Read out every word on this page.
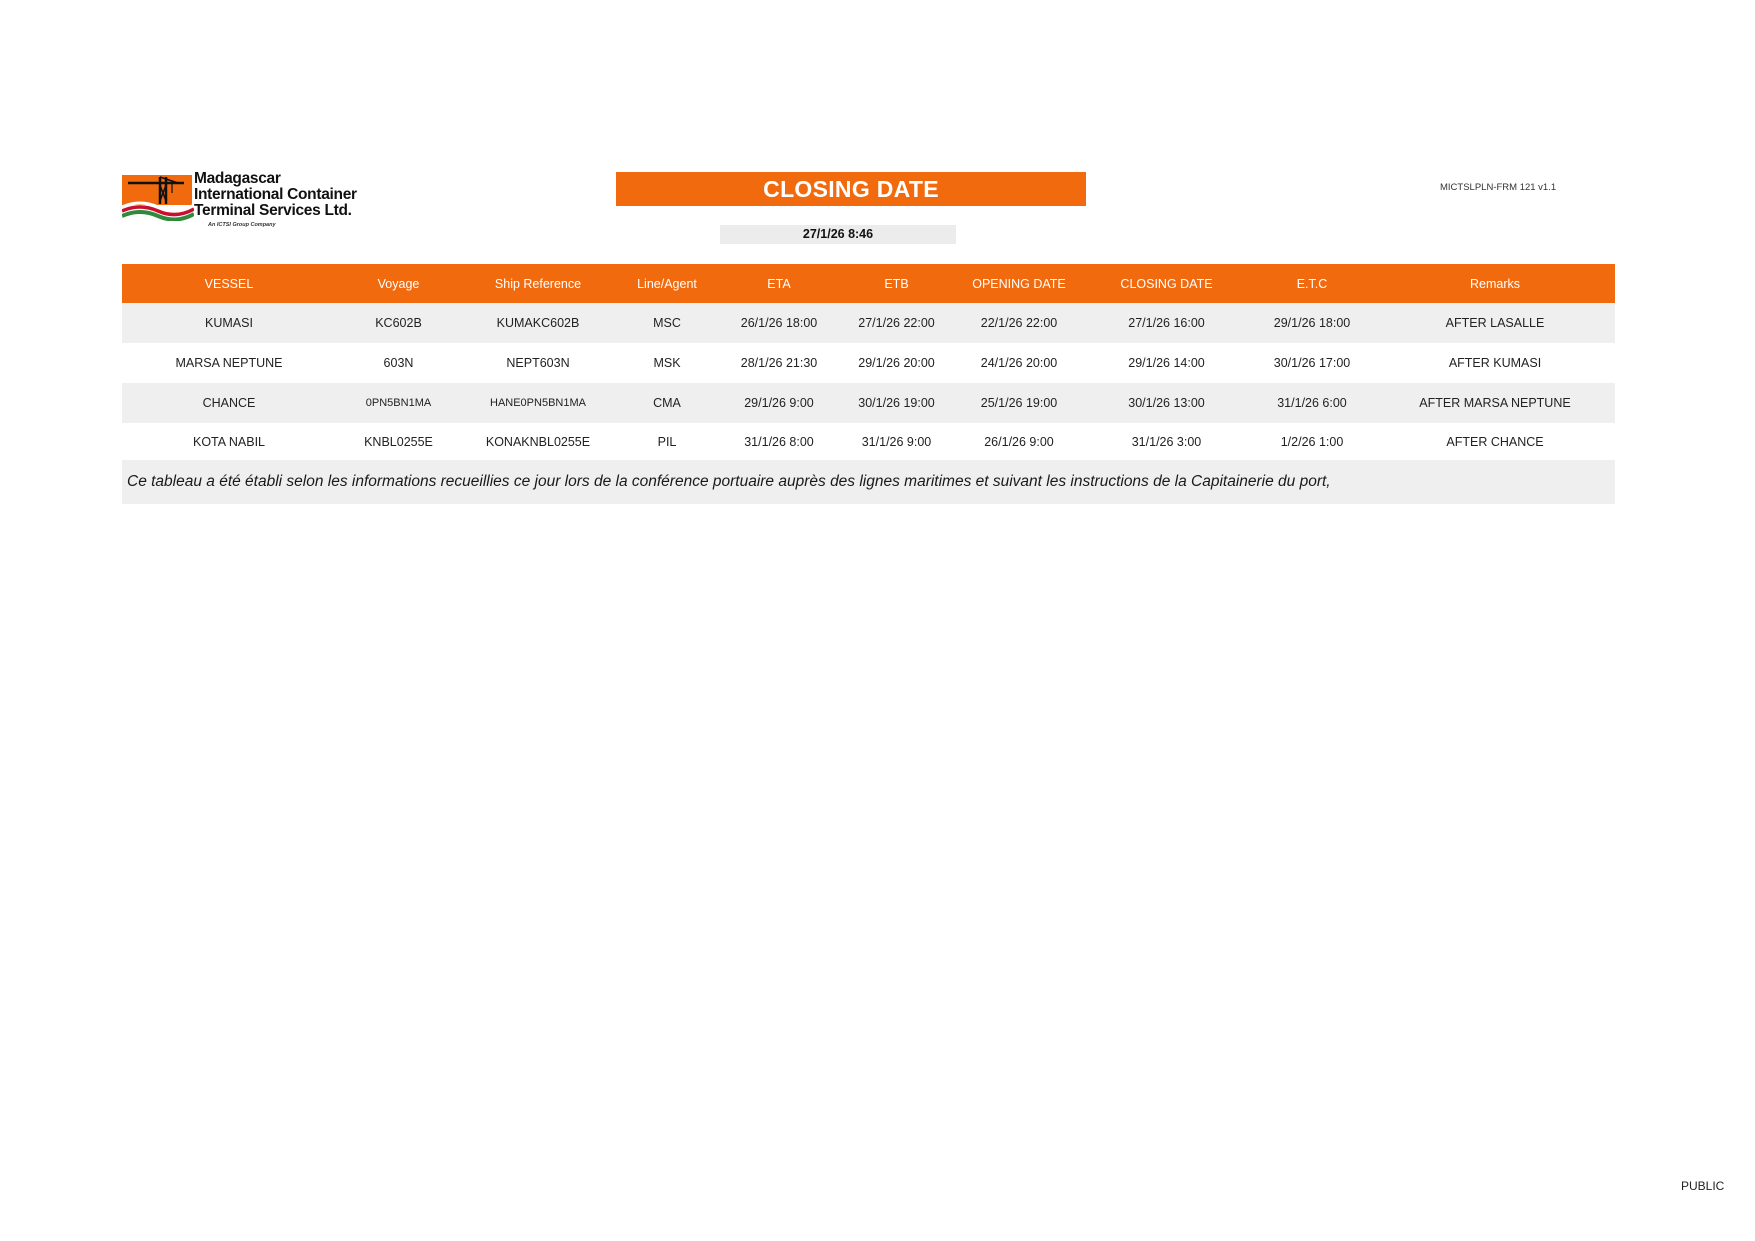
Madagascar
International Container
Terminal Services Ltd.
An ICTSI Group Company
CLOSING DATE	MICTSLPLN-FRM 121 v1.1
27/1/26 8:46
VESSEL	Voyage	Ship Reference	Line/Agent	ETA	ETB	OPENING DATE	CLOSING DATE	E.T.C	Remarks
KUMASI	KC602B	KUMAKC602B	MSC	26/1/26 18:00	27/1/26 22:00	22/1/26 22:00	27/1/26 16:00	29/1/26 18:00	AFTER LASALLE
MARSA NEPTUNE	603N	NEPT603N	MSK	28/1/26 21:30	29/1/26 20:00	24/1/26 20:00	29/1/26 14:00	30/1/26 17:00	AFTER KUMASI
CHANCE	0PN5BN1MA	HANE0PN5BN1MA	CMA	29/1/26 9:00	30/1/26 19:00	25/1/26 19:00	30/1/26 13:00	31/1/26 6:00	AFTER MARSA NEPTUNE
KOTA NABIL	KNBL0255E	KONAKNBL0255E	PIL	31/1/26 8:00	31/1/26 9:00	26/1/26 9:00	31/1/26 3:00	1/2/26 1:00	AFTER CHANCE
Ce tableau a été établi selon les informations recueillies ce jour lors de la conférence portuaire auprès des lignes maritimes et suivant les instructions de la Capitainerie du port,
PUBLIC
